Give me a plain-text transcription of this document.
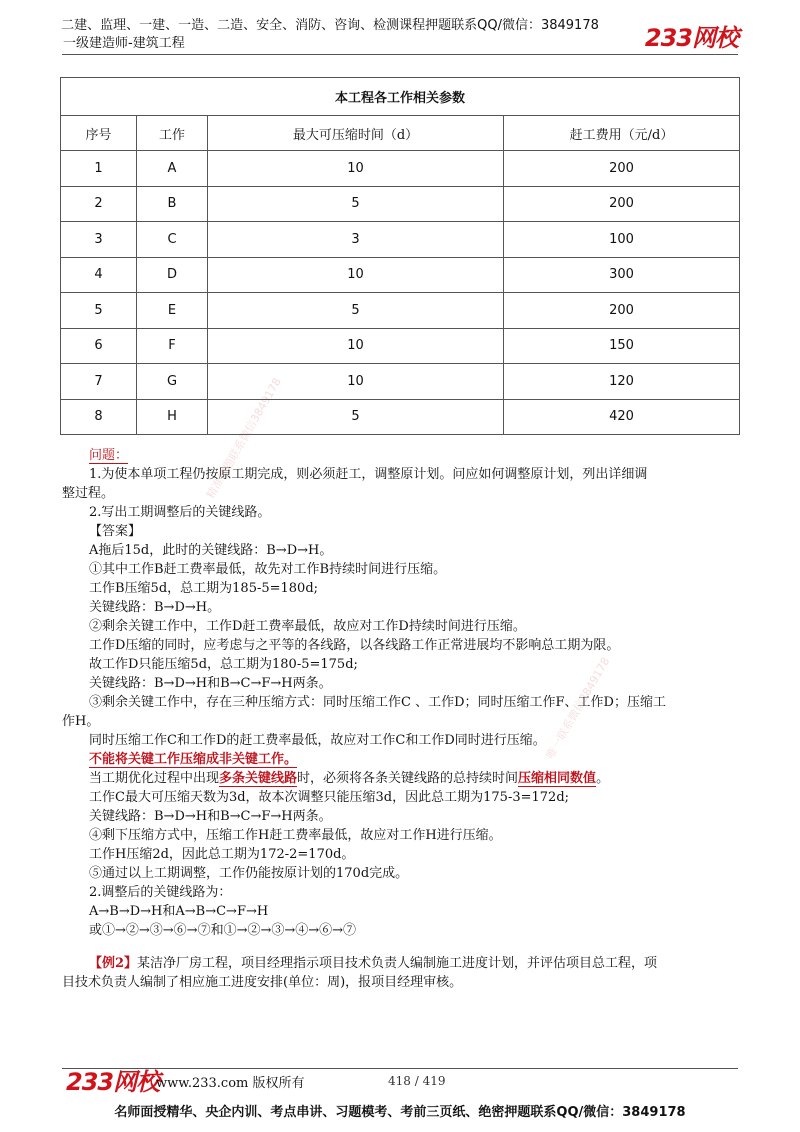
二建、监理、一建、一造、二造、安全、消防、咨询、检测课程押题联系QQ/微信：3849178
一级建造师-建筑工程	233网校
本工程各工作相关参数			
序号	工作	最大可压缩时间（d）	赶工费用（元/d）
1	A	10	200
2	B	5	200
3	C	3	100
4	D	10	300
5	E	5	200
6	F	10	150
7	G	10	120
8	H	5	420

问题：

1.为使本单项工程仍按原工期完成，则必须赶工，调整原计划。问应如何调整原计划，列出详细调

整过程。

2.写出工期调整后的关键线路。

【答案】

A拖后15d，此时的关键线路：B→D→H。

①其中工作B赶工费率最低，故先对工作B持续时间进行压缩。

工作B压缩5d，总工期为185-5=180d;

关键线路：B→D→H。

②剩余关键工作中，工作D赶工费率最低，故应对工作D持续时间进行压缩。

工作D压缩的同时，应考虑与之平等的各线路，以各线路工作正常进展均不影响总工期为限。

故工作D只能压缩5d，总工期为180-5=175d;

关键线路：B→D→H和B→C→F→H两条。

③剩余关键工作中，存在三种压缩方式：同时压缩工作C 、工作D；同时压缩工作F、工作D；压缩工

作H。

同时压缩工作C和工作D的赶工费率最低，故应对工作C和工作D同时进行压缩。

不能将关键工作压缩成非关键工作。

当工期优化过程中出现多条关键线路时，必须将各条关键线路的总持续时间压缩相同数值。

工作C最大可压缩天数为3d，故本次调整只能压缩3d，因此总工期为175-3=172d;

关键线路：B→D→H和B→C→F→H两条。

④剩下压缩方式中，压缩工作H赶工费率最低，故应对工作H进行压缩。

工作H压缩2d，因此总工期为172-2=170d。

⑤通过以上工期调整，工作仍能按原计划的170d完成。

2.调整后的关键线路为：

A→B→D→H和A→B→C→F→H

或①→②→③→⑥→⑦和①→②→③→④→⑥→⑦

【例2】某洁净厂房工程，项目经理指示项目技术负责人编制施工进度计划，并评估项目总工程，项

目技术负责人编制了相应施工进度安排(单位：周)，报项目经理审核。

精准押题联系微信3849178
唯一联系微信3849178
233网校
www.233.com 版权所有	418 / 419
名师面授精华、央企内训、考点串讲、习题模考、考前三页纸、绝密押题联系QQ/微信：3849178
